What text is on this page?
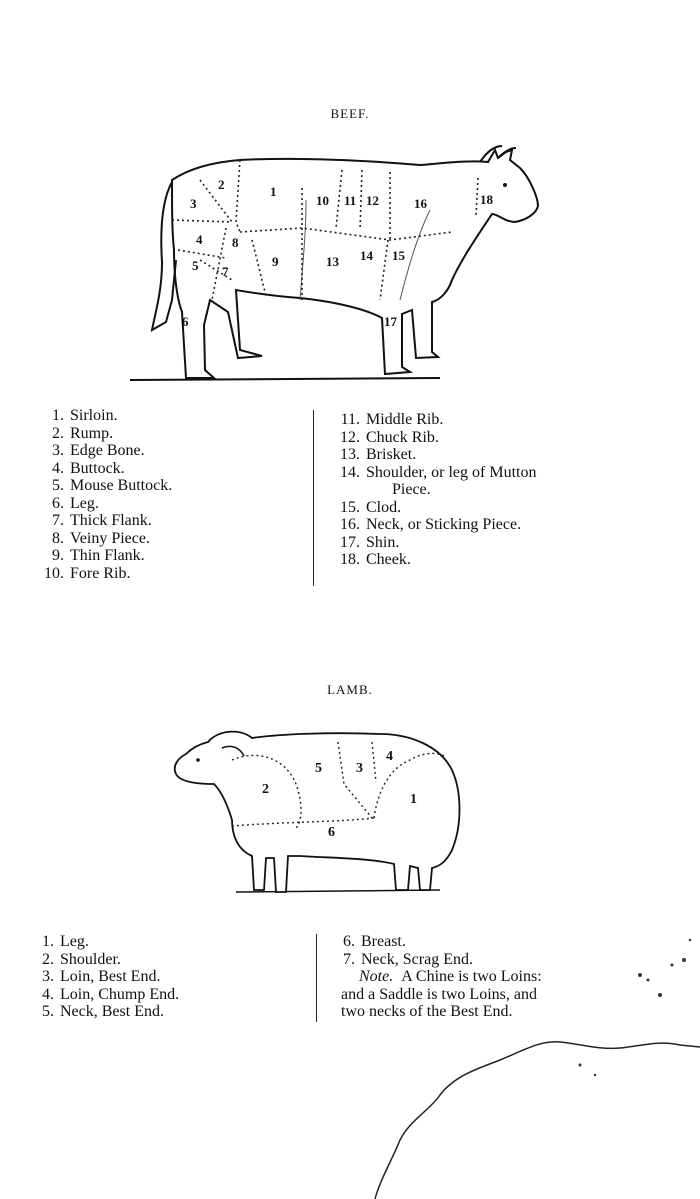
BEEF.
2
3
1
10 11 12	16	18
4 8
5 7
9	13 14 15
6	17
1. Sirloin.
2. Rump.
3. Edge Bone.
4. Buttock.
5. Mouse Buttock.
6. Leg.
7. Thick Flank.
8. Veiny Piece.
9. Thin Flank.
10. Fore Rib.
11. Middle Rib.
12. Chuck Rib.
13. Brisket.
14. Shoulder, or leg of Mutton
Piece.
15. Clod.
16. Neck, or Sticking Piece.
17. Shin.
18. Cheek.
LAMB.
1
2
3
4
5
6
1. Leg.
2. Shoulder.
3. Loin, Best End.
4. Loin, Chump End.
5. Neck, Best End.
6. Breast.
7. Neck, Scrag End.
Note. A Chine is two Loins:
and a Saddle is two Loins, and
two necks of the Best End.
